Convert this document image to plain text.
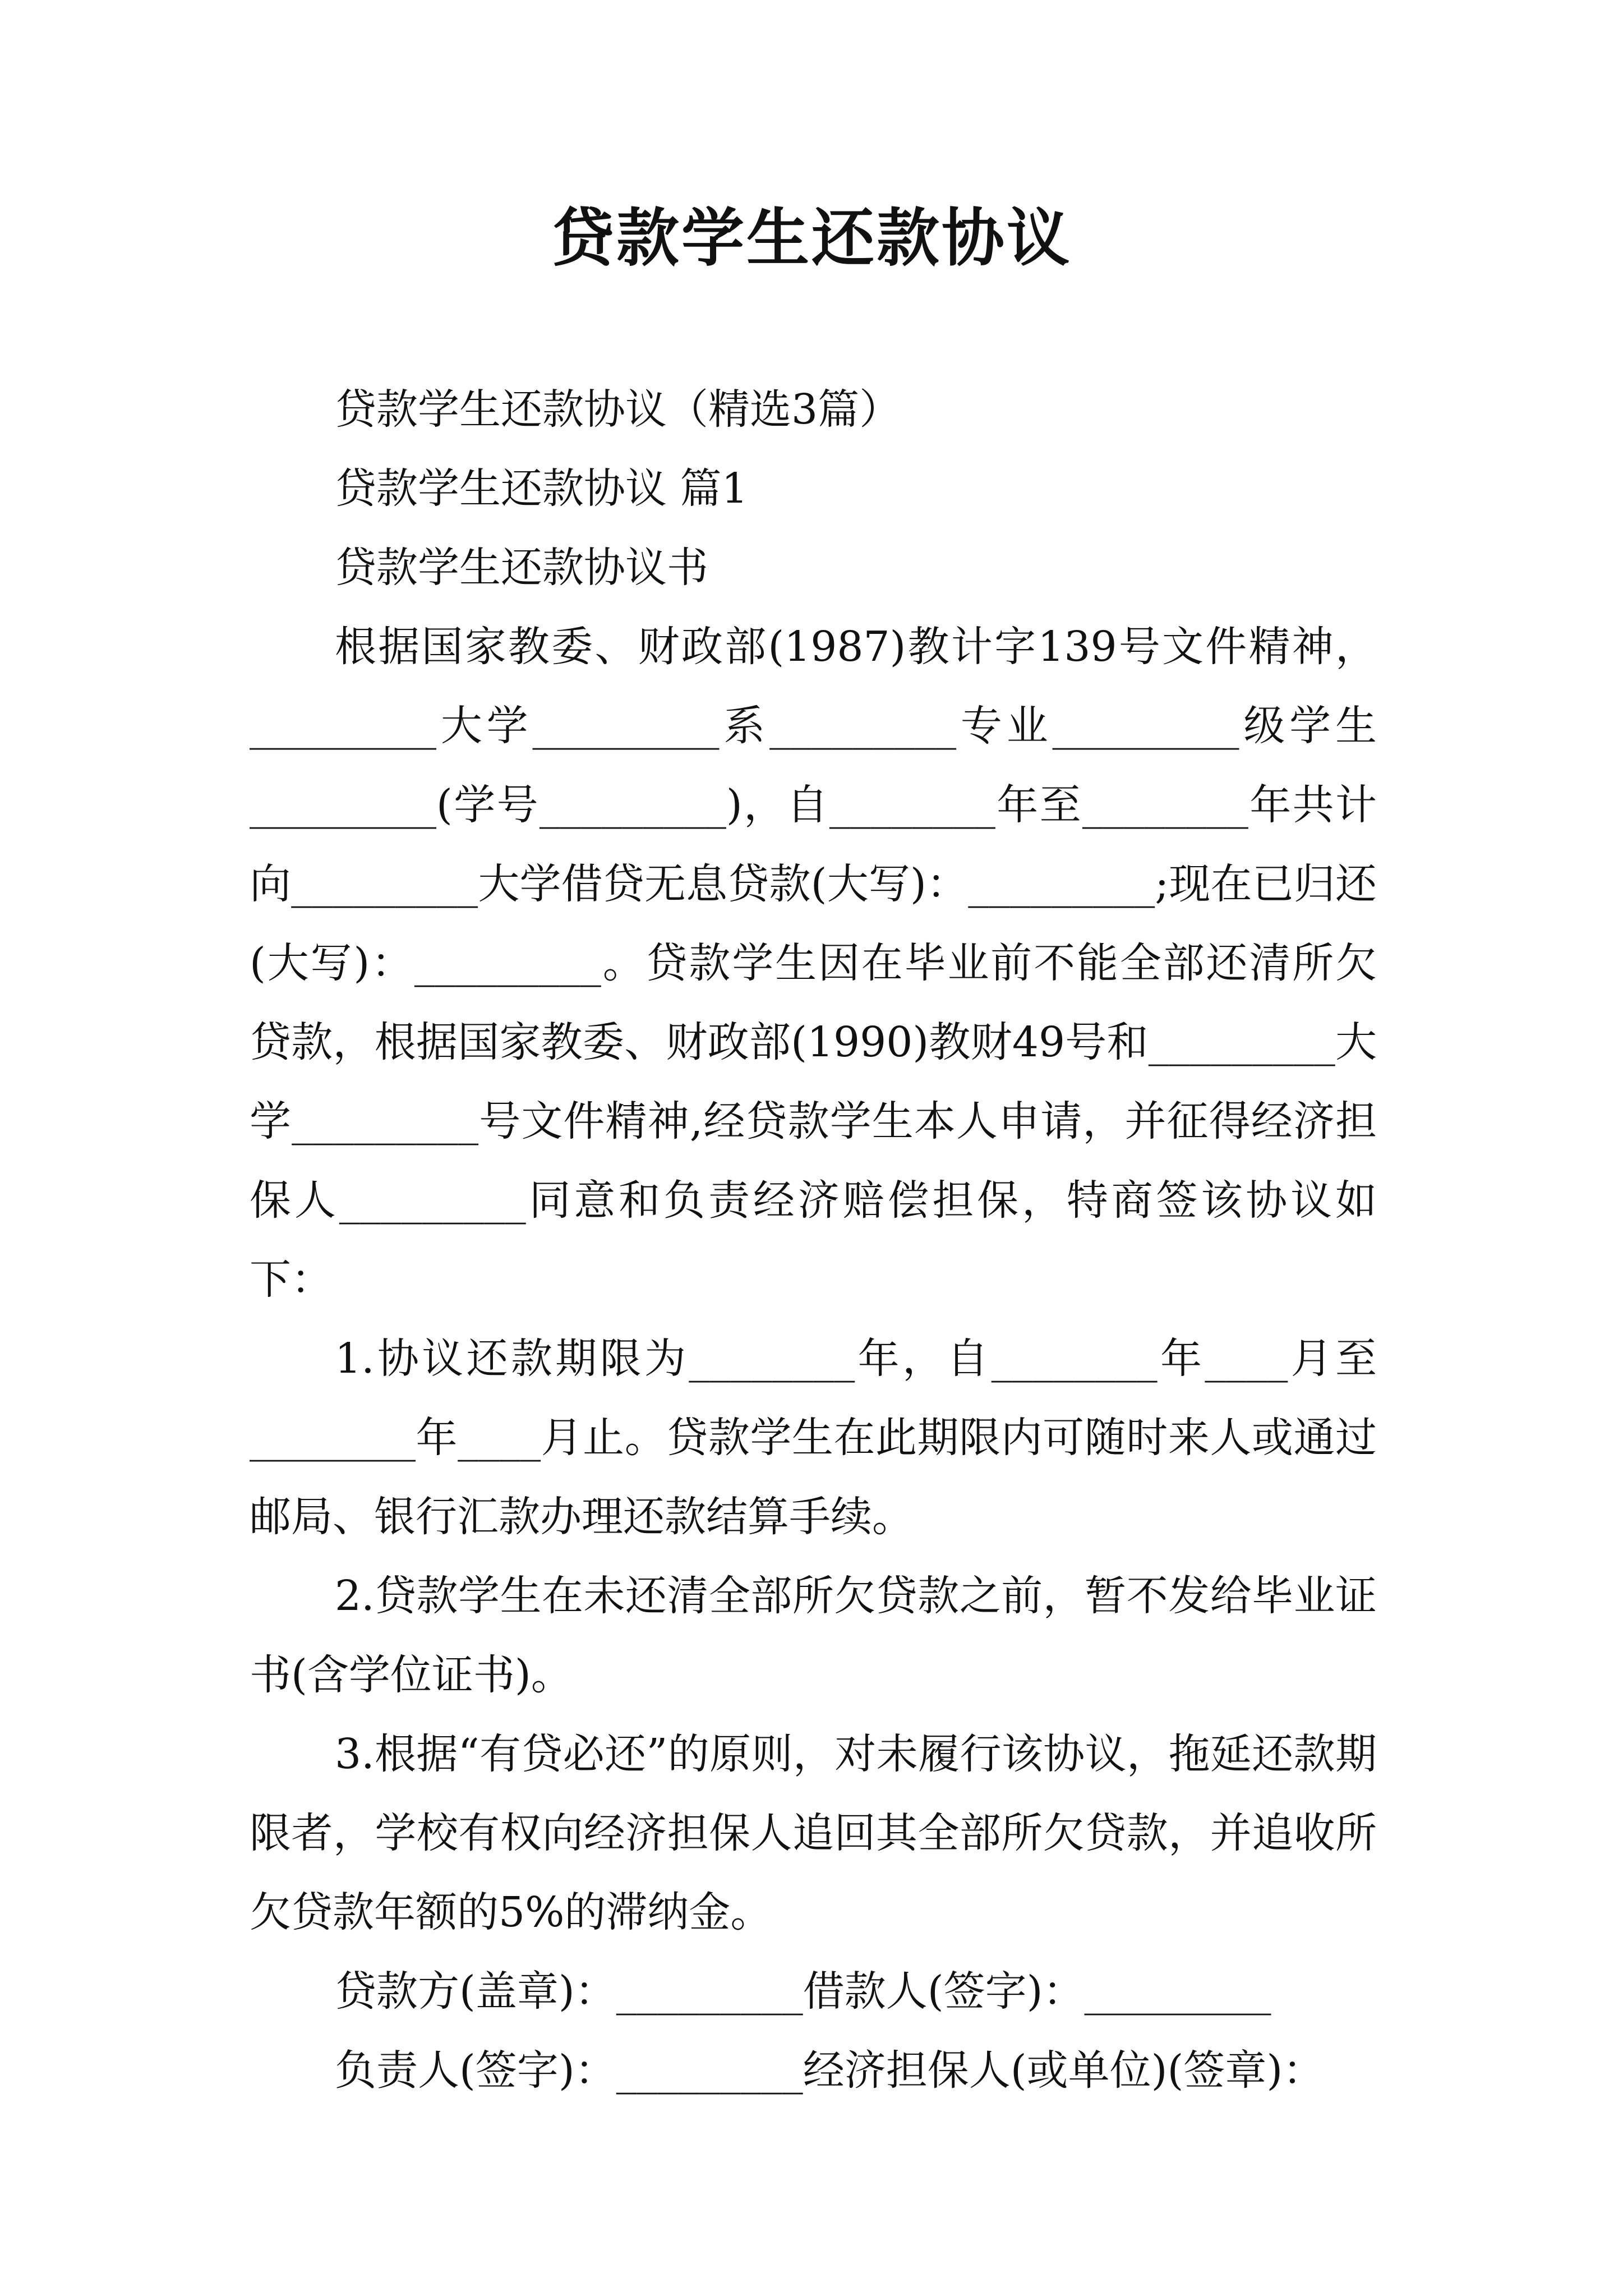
贷款学生还款协议

贷款学生还款协议（精选3篇）

贷款学生还款协议 篇1

贷款学生还款协议书

根据国家教委、财政部(1987)教计字139号文件精神，_________大学_________系_________专业_________级学生_________(学号_________)，自________年至________年共计向_________大学借贷无息贷款(大写)：_________;现在已归还(大写)：_________。贷款学生因在毕业前不能全部还清所欠贷款，根据国家教委、财政部(1990)教财49号和_________大学_________号文件精神,经贷款学生本人申请，并征得经济担保人_________同意和负责经济赔偿担保，特商签该协议如下：

1.协议还款期限为________年，自________年____月至________年____月止。贷款学生在此期限内可随时来人或通过邮局、银行汇款办理还款结算手续。

2.贷款学生在未还清全部所欠贷款之前，暂不发给毕业证书(含学位证书)。

3.根据“有贷必还”的原则，对未履行该协议，拖延还款期限者，学校有权向经济担保人追回其全部所欠贷款，并追收所欠贷款年额的5%的滞纳金。

贷款方(盖章)：_________借款人(签字)：_________

负责人(签字)：_________经济担保人(或单位)(签章)：
